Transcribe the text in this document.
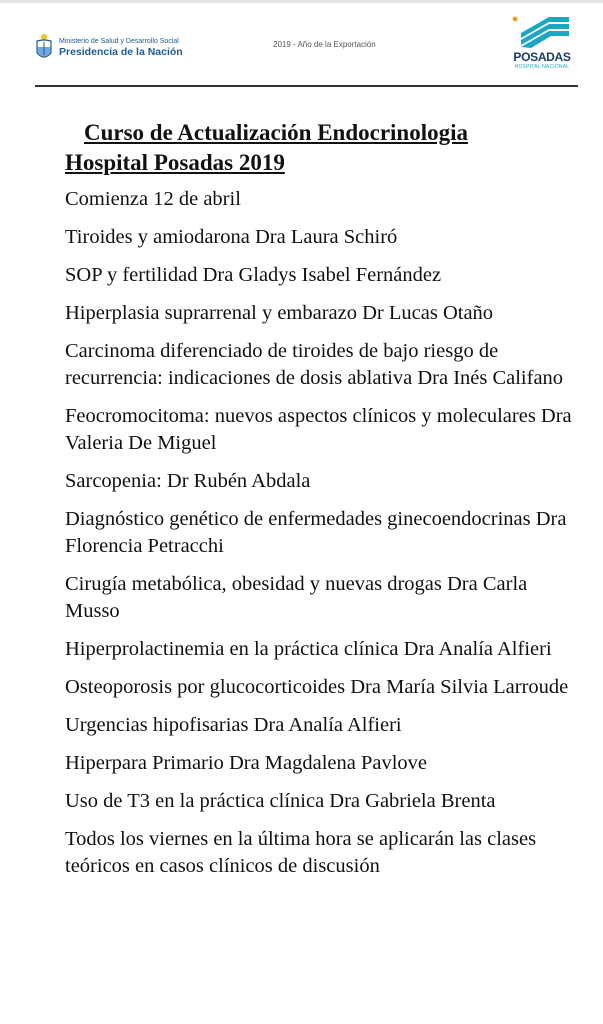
Ministerio de Salud y Desarrollo Social
Presidencia de la Nación
2019 - Año de la Exportación
POSADAS
HOSPITAL NACIONAL
Curso de Actualización Endocrinologia
Hospital Posadas 2019

Comienza 12 de abril

Tiroides y amiodarona Dra Laura Schiró

SOP y fertilidad Dra Gladys Isabel Fernández

Hiperplasia suprarrenal y embarazo Dr Lucas Otaño

Carcinoma diferenciado de tiroides de bajo riesgo de recurrencia: indicaciones de dosis ablativa Dra Inés Califano

Feocromocitoma: nuevos aspectos clínicos y moleculares Dra Valeria De Miguel

Sarcopenia: Dr Rubén Abdala

Diagnóstico genético de enfermedades ginecoendocrinas Dra Florencia Petracchi

Cirugía metabólica, obesidad y nuevas drogas Dra Carla Musso

Hiperprolactinemia en la práctica clínica Dra Analía Alfieri

Osteoporosis por glucocorticoides Dra María Silvia Larroude

Urgencias hipofisarias Dra Analía Alfieri

Hiperpara Primario Dra Magdalena Pavlove

Uso de T3 en la práctica clínica Dra Gabriela Brenta

Todos los viernes en la última hora se aplicarán las clases teóricos en casos clínicos de discusión
